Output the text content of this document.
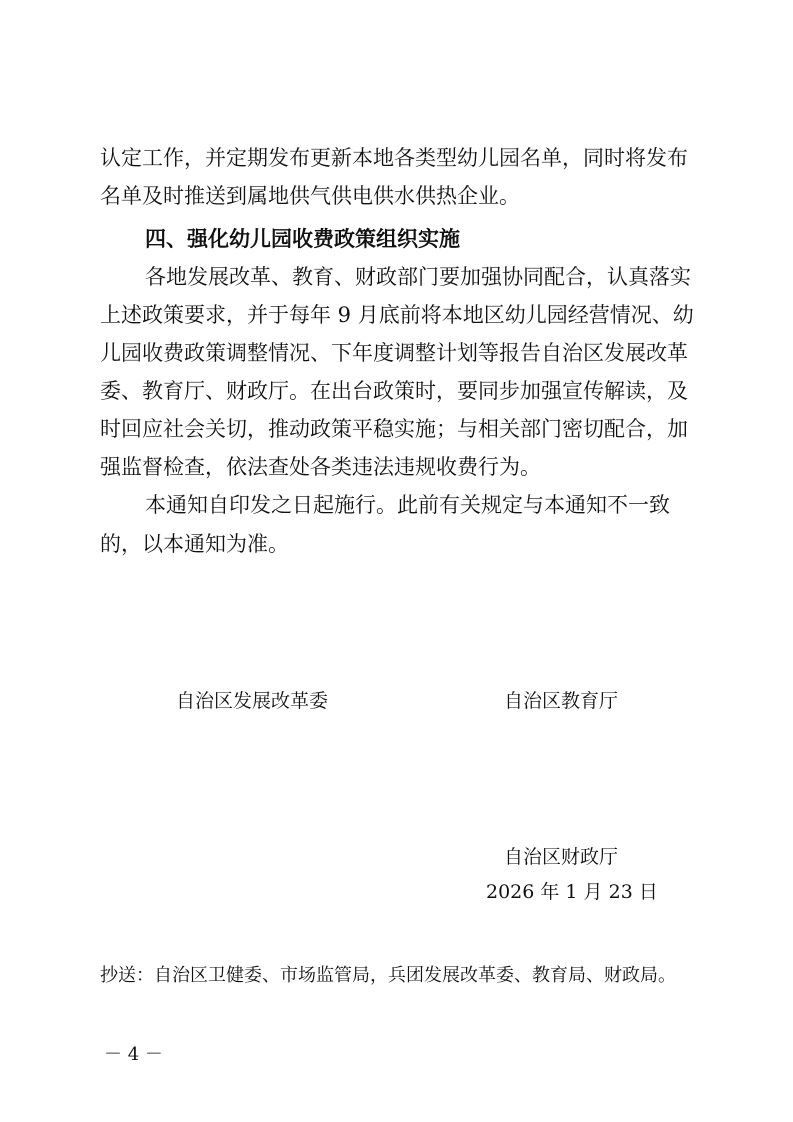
认定工作，并定期发布更新本地各类型幼儿园名单，同时将发布
名单及时推送到属地供气供电供水供热企业。
四、强化幼儿园收费政策组织实施
各地发展改革、教育、财政部门要加强协同配合，认真落实
上述政策要求，并于每年 9 月底前将本地区幼儿园经营情况、幼
儿园收费政策调整情况、下年度调整计划等报告自治区发展改革
委、教育厅、财政厅。在出台政策时，要同步加强宣传解读，及
时回应社会关切，推动政策平稳实施；与相关部门密切配合，加
强监督检查，依法查处各类违法违规收费行为。
本通知自印发之日起施行。此前有关规定与本通知不一致
的，以本通知为准。
自治区发展改革委	自治区教育厅
自治区财政厅
2026 年 1 月 23 日
抄送：自治区卫健委、市场监管局，兵团发展改革委、教育局、财政局。
－ 4 －
